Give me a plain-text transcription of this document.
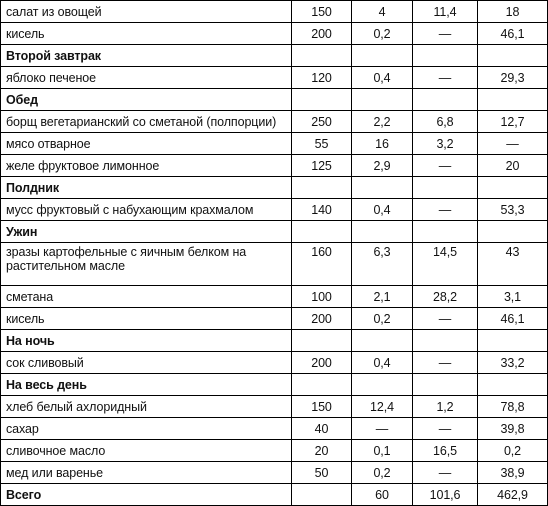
салат из овощей	150	4	11,4	18
кисель	200	0,2	—	46,1
Второй завтрак				
яблоко печеное	120	0,4	—	29,3
Обед				
борщ вегетарианский со сметаной (полпорции)	250	2,2	6,8	12,7
мясо отварное	55	16	3,2	—
желе фруктовое лимонное	125	2,9	—	20
Полдник				
мусс фруктовый с набухающим крахмалом	140	0,4	—	53,3
Ужин				
зразы картофельные с яичным белком на растительном масле	160	6,3	14,5	43
сметана	100	2,1	28,2	3,1
кисель	200	0,2	—	46,1
На ночь				
сок сливовый	200	0,4	—	33,2
На весь день				
хлеб белый ахлоридный	150	12,4	1,2	78,8
сахар	40	—	—	39,8
сливочное масло	20	0,1	16,5	0,2
мед или варенье	50	0,2	—	38,9
Всего		60	101,6	462,9
